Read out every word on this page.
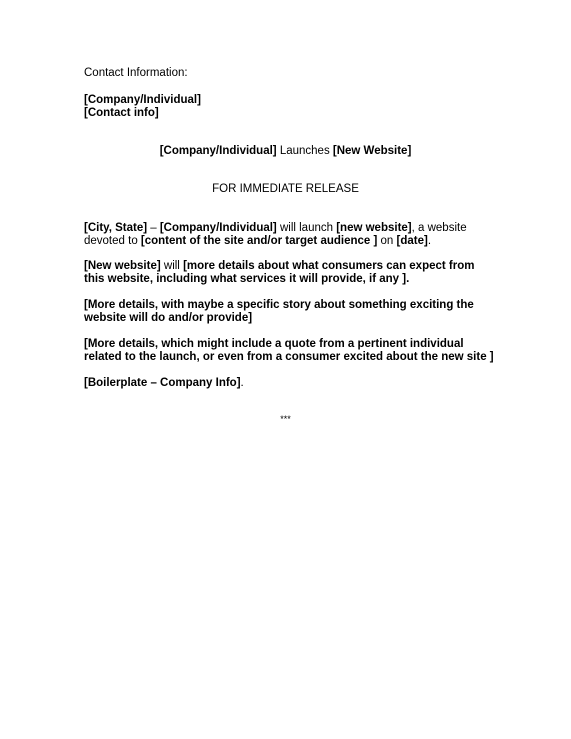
Contact Information:
[Company/Individual]
[Contact info]
[Company/Individual] Launches [New Website]
FOR IMMEDIATE RELEASE
[City, State] – [Company/Individual] will launch [new website], a website
devoted to [content of the site and/or target audience ] on [date].
[New website] will [more details about what consumers can expect from
this website, including what services it will provide, if any ].
[More details, with maybe a specific story about something exciting the
website will do and/or provide]
[More details, which might include a quote from a pertinent individual
related to the launch, or even from a consumer excited about the new site ]
[Boilerplate – Company Info].
***
